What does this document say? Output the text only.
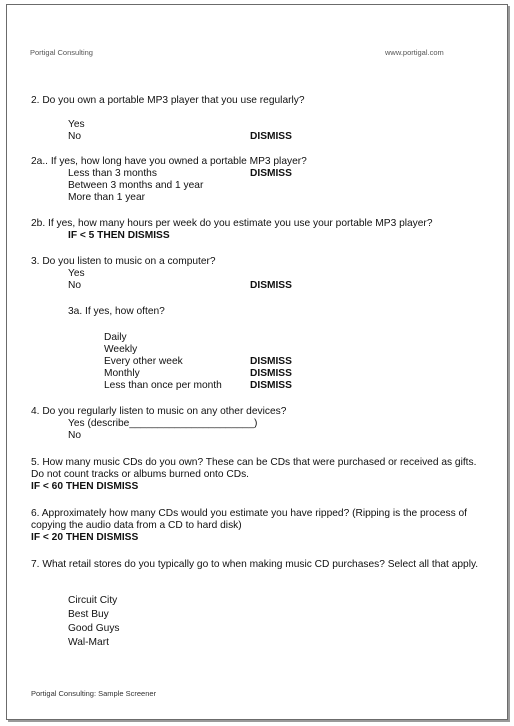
Portigal Consulting	www.portigal.com
2. Do you own a portable MP3 player that you use regularly?
Yes
No	DISMISS
2a.. If yes, how long have you owned a portable MP3 player?
Less than 3 months	DISMISS
Between 3 months and 1 year
More than 1 year
2b. If yes, how many hours per week do you estimate you use your portable MP3 player?
IF < 5 THEN DISMISS
3. Do you listen to music on a computer?
Yes
No	DISMISS
3a. If yes, how often?
Daily
Weekly
Every other week	DISMISS
Monthly	DISMISS
Less than once per month	DISMISS
4. Do you regularly listen to music on any other devices?
Yes (describe______________________)
No
5. How many music CDs do you own? These can be CDs that were purchased or received as gifts. Do not count tracks or albums burned onto CDs.
IF < 60 THEN DISMISS
6. Approximately how many CDs would you estimate you have ripped? (Ripping is the process of copying the audio data from a CD to hard disk)
IF < 20 THEN DISMISS
7. What retail stores do you typically go to when making music CD purchases? Select all that apply.
Circuit City
Best Buy
Good Guys
Wal-Mart
Portigal Consulting: Sample Screener
